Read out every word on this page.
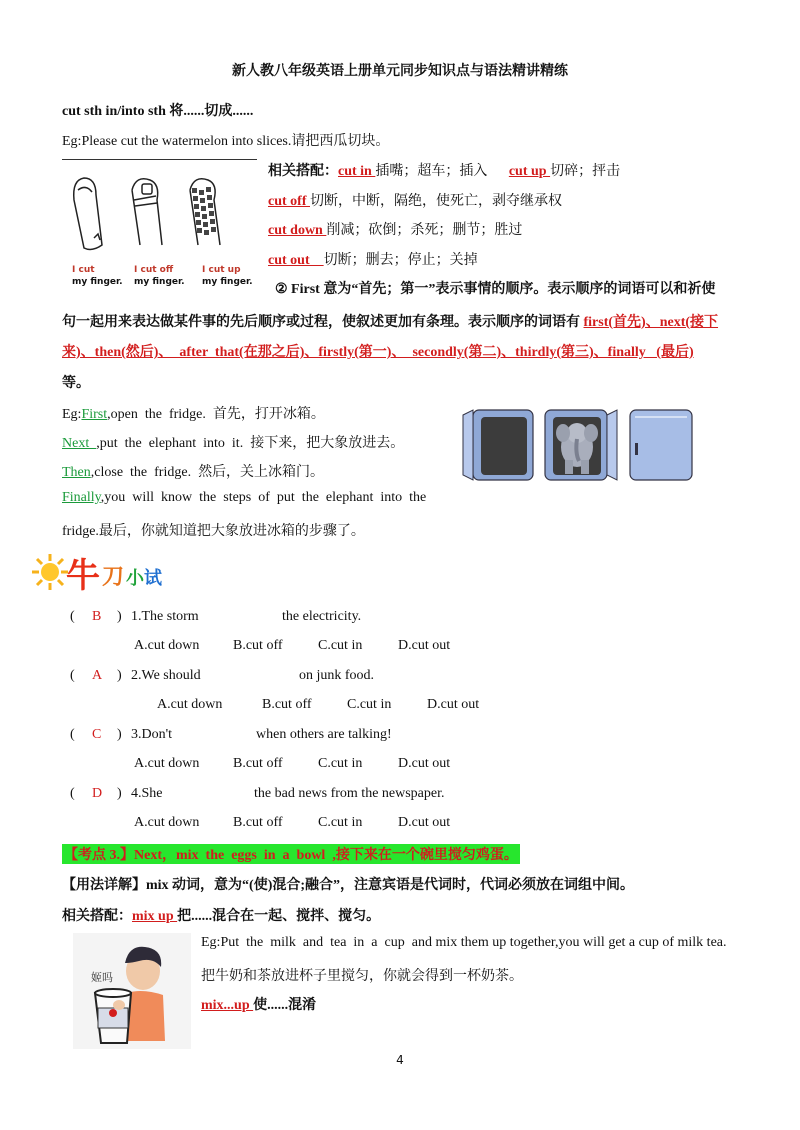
新人教八年级英语上册单元同步知识点与语法精讲精练
cut sth in/into sth 将......切成......
Eg:Please cut the watermelon into slices.请把西瓜切块。
I cut
my finger.
I cut off
my finger.
I cut up
my finger.
相关搭配：cut in 插嘴；超车；插入 cut up 切碎；抨击
cut off 切断，中断，隔绝，使死亡，剥夺继承权
cut down 削减；砍倒；杀死；删节；胜过
cut out    切断；删去；停止；关掉
② First 意为“首先；第一”表示事情的顺序。表示顺序的词语可以和祈使
句一起用来表达做某件事的先后顺序或过程，使叙述更加有条理。表示顺序的词语有 first(首先)、next(接下
来)、then(然后)、  after  that(在那之后)、firstly(第一)、  secondly(第二)、thirdly(第三)、finally   (最后)
等。
Eg:First,open  the  fridge.  首先，打开冰箱。
Next  ,put  the  elephant  into  it.  接下来，把大象放进去。
Then,close  the  fridge.  然后，关上冰箱门。
Finally,you  will  know  the  steps  of  put  the  elephant  into  the
fridge.最后，你就知道把大象放进冰箱的步骤了。
牛 刀 小 试
( B ) 1.The storm	the electricity.
A.cut down B.cut off	C.cut in	D.cut out
( A ) 2.We should	on junk food.
A.cut down	B.cut off	C.cut in	D.cut out
( C ) 3.Don't	when others are talking!
A.cut down B.cut off	C.cut in	D.cut out
( D ) 4.She	the bad news from the newspaper.
A.cut down B.cut off	C.cut in	D.cut out
【考点 3.】Next，mix  the  eggs  in  a  bowl  ,接下来在一个碗里搅匀鸡蛋。
【用法详解】mix 动词，意为“(使)混合;融合”，注意宾语是代词时，代词必须放在词组中间。
相关搭配：mix up 把......混合在一起、搅拌、搅匀。
姬吗
Eg:Put  the  milk  and  tea  in  a  cup  and mix them up together,you will get a cup of milk tea.
把牛奶和茶放进杯子里搅匀，你就会得到一杯奶茶。
mix...up 使......混淆
4
